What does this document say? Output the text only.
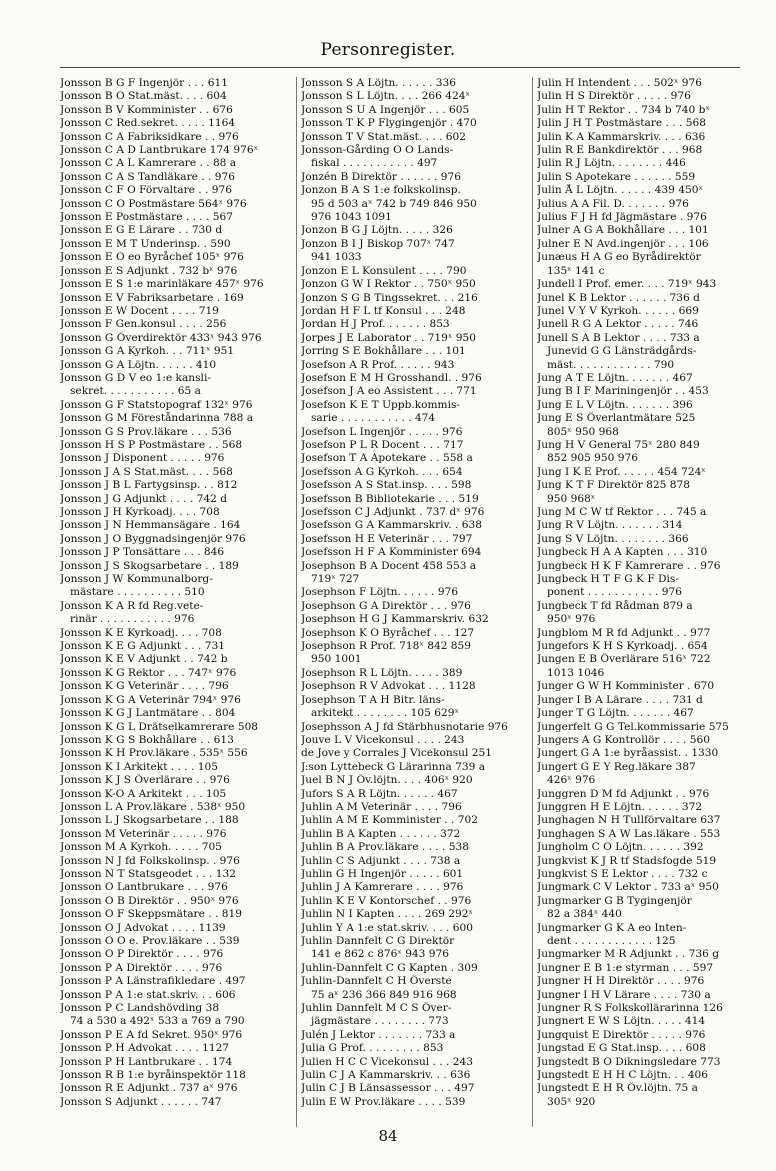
Personregister.
Jonsson B G F Ingenjör . . . 611
Jonsson B O Stat.mäst. . . . 604
Jonsson B V Komminister . . 676
Jonsson C Red.sekret. . . . . 1164
Jonsson C A Fabriksidkare . . 976
Jonsson C A D Lantbrukare 174 976ˣ
Jonsson C A L Kamrerare . . 88 a
Jonsson C A S Tandläkare . . 976
Jonsson C F O Förvaltare . . 976
Jonsson C O Postmästare 564ˣ 976
Jonsson E Postmästare . . . . 567
Jonsson E G E Lärare . . 730 d
Jonsson E M T Underinsp. . 590
Jonsson E O eo Byråchef 105ˣ 976
Jonsson E S Adjunkt . 732 bˣ 976
Jonsson E S 1:e marinläkare 457ˣ 976
Jonsson E V Fabriksarbetare . 169
Jonsson E W Docent . . . . 719
Jonsson F Gen.konsul . . . . 256
Jonsson G Överdirektör 433ˣ 943 976
Jonsson G A Kyrkoh. . . 711ˣ 951
Jonsson G A Löjtn. . . . . . 410
Jonsson G D V eo 1:e kansli-
sekret. . . . . . . . . . . 65 a
Jonsson G F Statstopograf 132ˣ 976
Jonsson G M Föreståndarinna 788 a
Jonsson G S Prov.läkare . . . 536
Jonsson H S P Postmästare . . 568
Jonsson J Disponent . . . . . 976
Jonsson J A S Stat.mäst. . . . 568
Jonsson J B L Fartygsinsp. . . 812
Jonsson J G Adjunkt . . . . 742 d
Jonsson J H Kyrkoadj. . . . 708
Jonsson J N Hemmansägare . 164
Jonsson J O Byggnadsingenjör 976
Jonsson J P Tonsättare . . . 846
Jonsson J S Skogsarbetare . . 189
Jonsson J W Kommunalborg-
mästare . . . . . . . . . . 510
Jonsson K A R fd Reg.vete-
rinär . . . . . . . . . . . 976
Jonsson K E Kyrkoadj. . . . 708
Jonsson K E G Adjunkt . . . 731
Jonsson K E V Adjunkt . . 742 b
Jonsson K G Rektor . . . 747ˣ 976
Jonsson K G Veterinär . . . . 796
Jonsson K G A Veterinär 794ˣ 976
Jonsson K G J Lantmätare . . 804
Jonsson K G L Drätselkamrerare 508
Jonsson K G S Bokhållare . . 613
Jonsson K H Prov.läkare . 535ˣ 556
Jonsson K I Arkitekt . . . . 105
Jonsson K J S Överlärare . . 976
Jonsson K-O A Arkitekt . . . 105
Jonsson L A Prov.läkare . 538ˣ 950
Jonsson L J Skogsarbetare . . 188
Jonsson M Veterinär . . . . . 976
Jonsson M A Kyrkoh. . . . . 705
Jonsson N J fd Folkskolinsp. . 976
Jonsson N T Statsgeodet . . . 132
Jonsson O Lantbrukare . . . 976
Jonsson O B Direktör . . 950ˣ 976
Jonsson O F Skeppsmätare . . 819
Jonsson O J Advokat . . . . 1139
Jonsson O O e. Prov.läkare . . 539
Jonsson O P Direktör . . . . 976
Jonsson P A Direktör . . . . 976
Jonsson P A Länstrafikledare . 497
Jonsson P A 1:e stat.skriv. . . 606
Jonsson P C Landshövding 38
74 a 530 a 492ˣ 533 a 769 a 790
Jonsson P E A fd Sekret. 950ˣ 976
Jonsson P H Advokat . . . . 1127
Jonsson P H Lantbrukare . . 174
Jonsson R B 1:e byråinspektör 118
Jonsson R E Adjunkt . 737 aˣ 976
Jonsson S Adjunkt . . . . . . 747
Jonsson S A Löjtn. . . . . . 336
Jonsson S L Löjtn. . . . 266 424ˣ
Jonsson S U A Ingenjör . . . 605
Jonsson T K P Flygingenjör . 470
Jonsson T V Stat.mäst. . . . 602
Jonsson-Gårding O O Lands-
fiskal . . . . . . . . . . . 497
Jonzén B Direktör . . . . . . 976
Jonzon B A S 1:e folkskolinsp.
95 d 503 aˣ 742 b 749 846 950
976 1043 1091
Jonzon B G J Löjtn. . . . . 326
Jonzon B I J Biskop 707ˣ 747
941 1033
Jonzon E L Konsulent . . . . 790
Jonzon G W I Rektor . . 750ˣ 950
Jonzon S G B Tingssekret. . . 216
Jordan H F L tf Konsul . . . 248
Jordan H J Prof. . . . . . . 853
Jorpes J E Laborator . . 719ˣ 950
Jorring S E Bokhållare . . . 101
Josefson A R Prof. . . . . . 943
Josefson E M H Grosshandl. . 976
Josefson J A eo Assistent . . . 771
Josefson K E T Uppb.kommis-
sarie . . . . . . . . . . . 474
Josefson L Ingenjör . . . . . 976
Josefson P L R Docent . . . 717
Josefson T A Apotekare . . 558 a
Josefsson A G Kyrkoh. . . . 654
Josefsson A S Stat.insp. . . . 598
Josefsson B Bibliotekarie . . . 519
Josefsson C J Adjunkt . 737 dˣ 976
Josefsson G A Kammarskriv. . 638
Josefsson H E Veterinär . . . 797
Josefsson H F A Komminister 694
Josephson B A Docent 458 553 a
719ˣ 727
Josephson F Löjtn. . . . . . 976
Josephson G A Direktör . . . 976
Josephson H G J Kammarskriv. 632
Josephson K O Byråchef . . . 127
Josephson R Prof. 718ˣ 842 859
950 1001
Josephson R L Löjtn. . . . . 389
Josephson R V Advokat . . . 1128
Josephson T A H Bitr. läns-
arkitekt . . . . . . . . 105 629ˣ
Josephsson A J fd Stärbhusnotarie 976
Jouve L V Vicekonsul . . . . 243
de Jove y Corrales J Vicekonsul 251
J:son Lyttebeck G Lärarinna 739 a
Juel B N J Öv.löjtn. . . . 406ˣ 920
Jufors S A R Löjtn. . . . . . 467
Juhlin A M Veterinär . . . . 796
Juhlin A M E Komminister . . 702
Juhlin B A Kapten . . . . . . 372
Juhlin B A Prov.läkare . . . . 538
Juhlin C S Adjunkt . . . . 738 a
Juhlin G H Ingenjör . . . . . 601
Juhlin J A Kamrerare . . . . 976
Juhlin K E V Kontorschef . . 976
Juhlin N I Kapten . . . . 269 292ˣ
Juhlin Y A 1:e stat.skriv. . . . 600
Juhlin Dannfelt C G Direktör
141 e 862 c 876ˣ 943 976
Juhlin-Dannfelt C G Kapten . 309
Juhlin-Dannfelt C H Överste
75 aˣ 236 366 849 916 968
Juhlin Dannfelt M C S Över-
jägmästare . . . . . . . . 773
Julén J Lektor . . . . . . . 733 a
Julia G Prof. . . . . . . . . 853
Julien H C C Vicekonsul . . . 243
Julin C J A Kammarskriv. . . 636
Julin C J B Länsassessor . . . 497
Julin E W Prov.läkare . . . . 539
Julin H Intendent . . . 502ˣ 976
Julin H S Direktör . . . . . 976
Julin H T Rektor . . 734 b 740 bˣ
Julin J H T Postmästare . . . 568
Julin K A Kammarskriv. . . . 636
Julin R E Bankdirektör . . . 968
Julin R J Löjtn. . . . . . . . 446
Julin S Apotekare . . . . . . 559
Julin Å L Löjtn. . . . . . 439 450ˣ
Julius A A Fil. D. . . . . . . 976
Julius F J H fd Jägmästare . 976
Julner A G A Bokhållare . . . 101
Julner E N Avd.ingenjör . . . 106
Junæus H A G eo Byrådirektör
135ˣ 141 c
Jundell I Prof. emer. . . . 719ˣ 943
Junel K B Lektor . . . . . . 736 d
Junel V Y V Kyrkoh. . . . . . 669
Junell R G A Lektor . . . . . 746
Junell S A B Lektor . . . . 733 a
Junevid G G Länsträdgårds-
mäst. . . . . . . . . . . . 790
Jung A T E Löjtn. . . . . . . 467
Jung B I F Mariningenjör . . 453
Jung E L V Löjtn. . . . . . . 396
Jung E S Överlantmätare 525
805ˣ 950 968
Jung H V General 75ˣ 280 849
852 905 950 976
Jung I K E Prof. . . . . . 454 724ˣ
Jung K T F Direktör 825 878
950 968ˣ
Jung M C W tf Rektor . . . 745 a
Jung R V Löjtn. . . . . . . 314
Jung S V Löjtn. . . . . . . . 366
Jungbeck H A A Kapten . . . 310
Jungbeck H K F Kamrerare . . 976
Jungbeck H T F G K F Dis-
ponent . . . . . . . . . . . 976
Jungbeck T fd Rådman 879 a
950ˣ 976
Jungblom M R fd Adjunkt . . 977
Jungefors K H S Kyrkoadj. . 654
Jungen E B Överlärare 516ˣ 722
1013 1046
Junger G W H Komminister . 670
Junger I B A Lärare . . . . 731 d
Junger T G Löjtn. . . . . . . 467
Jungerfelt G G Tel.kommissarie 575
Jungers A G Kontrollör . . . . 560
Jungert G A 1:e byråassist. . 1330
Jungert G E Y Reg.läkare 387
426ˣ 976
Junggren D M fd Adjunkt . . 976
Junggren H E Löjtn. . . . . . 372
Junghagen N H Tullförvaltare 637
Junghagen S A W Las.läkare . 553
Jungholm C O Löjtn. . . . . . 392
Jungkvist K J R tf Stadsfogde 519
Jungkvist S E Lektor . . . . 732 c
Jungmark C V Lektor . 733 aˣ 950
Jungmarker G B Tygingenjör
82 a 384ˣ 440
Jungmarker G K A eo Inten-
dent . . . . . . . . . . . . 125
Jungmarker M R Adjunkt . . 736 g
Jungner E B 1:e styrman . . . 597
Jungner H H Direktör . . . . 976
Jungner I H V Lärare . . . . 730 a
Jungner R S Folkskollärarinna 126
Jungnert E W S Löjtn. . . . . 414
Jungquist E Direktör . . . . . 976
Jungstad E G Stat.insp. . . . 608
Jungstedt B O Dikningsledare 773
Jungstedt E H H C Löjtn. . . 406
Jungstedt E H R Öv.löjtn. 75 a
305ˣ 920
84
